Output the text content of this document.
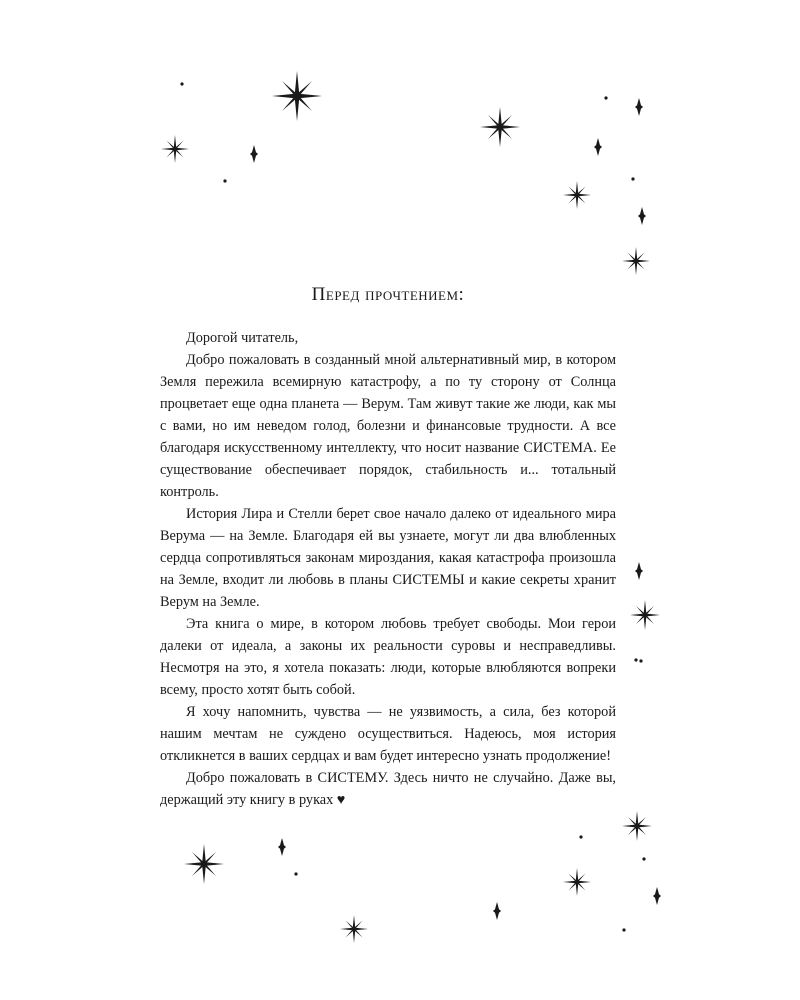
Перед прочтением:

Дорогой читатель,

Добро пожаловать в созданный мной альтернативный мир, в котором Земля пережила всемирную катастрофу, а по ту сторону от Солнца процветает еще одна планета — Верум. Там живут такие же люди, как мы с вами, но им неведом голод, болезни и финансовые трудности. А все благодаря искусственному интеллекту, что носит название СИСТЕМА. Ее существование обеспечивает порядок, стабильность и... тотальный контроль.

История Лира и Стелли берет свое начало далеко от идеального мира Верума — на Земле. Благодаря ей вы узнаете, могут ли два влюбленных сердца сопротивляться законам мироздания, какая катастрофа произошла на Земле, входит ли любовь в планы СИСТЕМЫ и какие секреты хранит Верум на Земле.

Эта книга о мире, в котором любовь требует свободы. Мои герои далеки от идеала, а законы их реальности суровы и несправедливы. Несмотря на это, я хотела показать: люди, которые влюбляются вопреки всему, просто хотят быть собой.

Я хочу напомнить, чувства — не уязвимость, а сила, без которой нашим мечтам не суждено осуществиться. Надеюсь, моя история откликнется в ваших сердцах и вам будет интересно узнать продолжение!

Добро пожаловать в СИСТЕМУ. Здесь ничто не случайно. Даже вы, держащий эту книгу в руках ♥
